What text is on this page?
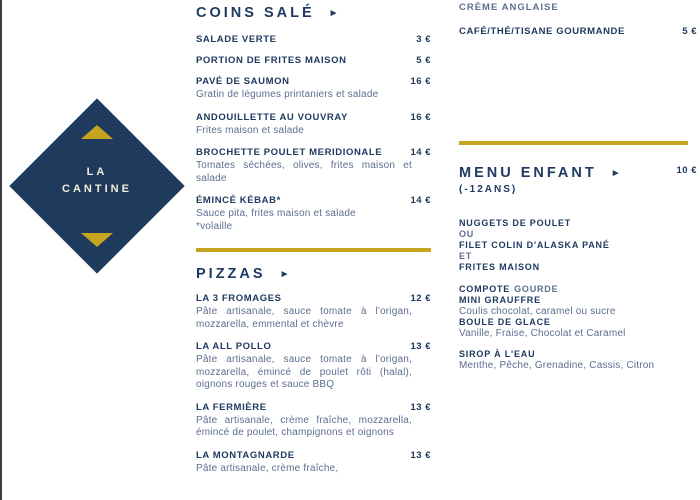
LA
CANTINE
COINS SALÉ ►
SALADE VERTE	3 €
PORTION DE FRITES MAISON	5 €
PAVÉ DE SAUMON	16 €
Gratin de légumes printaniers et salade
ANDOUILLETTE AU VOUVRAY	16 €
Frites maison et salade
BROCHETTE POULET MERIDIONALE	14 €
Tomates séchées, olives, frites maison et salade
ÉMINCÉ KÉBAB*	14 €
Sauce pita, frites maison et salade
*volaille
PIZZAS ►
LA 3 FROMAGES	12 €
Pâte artisanale, sauce tomate à l'origan, mozzarella, emmental et chèvre
LA ALL POLLO	13 €
Pâte artisanale, sauce tomate à l'origan, mozzarella, émincé de poulet rôti (halal), oignons rouges et sauce BBQ
LA FERMIÈRE	13 €
Pâte artisanale, crème fraîche, mozzarella, émincé de poulet, champignons et oignons
LA MONTAGNARDE	13 €
Pâte artisanale, crème fraîche,
CRÈME ANGLAISE
CAFÉ/THÉ/TISANE GOURMANDE	5 €
MENU ENFANT ►	10 €
(-12ANS)
NUGGETS DE POULET
OU
FILET COLIN D'ALASKA PANÉ
ET
FRITES MAISON
COMPOTE GOURDE
MINI GRAUFFRE
Coulis chocolat, caramel ou sucre
BOULE DE GLACE
Vanille, Fraise, Chocolat et Caramel
SIROP À L'EAU
Menthe, Pêche, Grenadine, Cassis, Citron
